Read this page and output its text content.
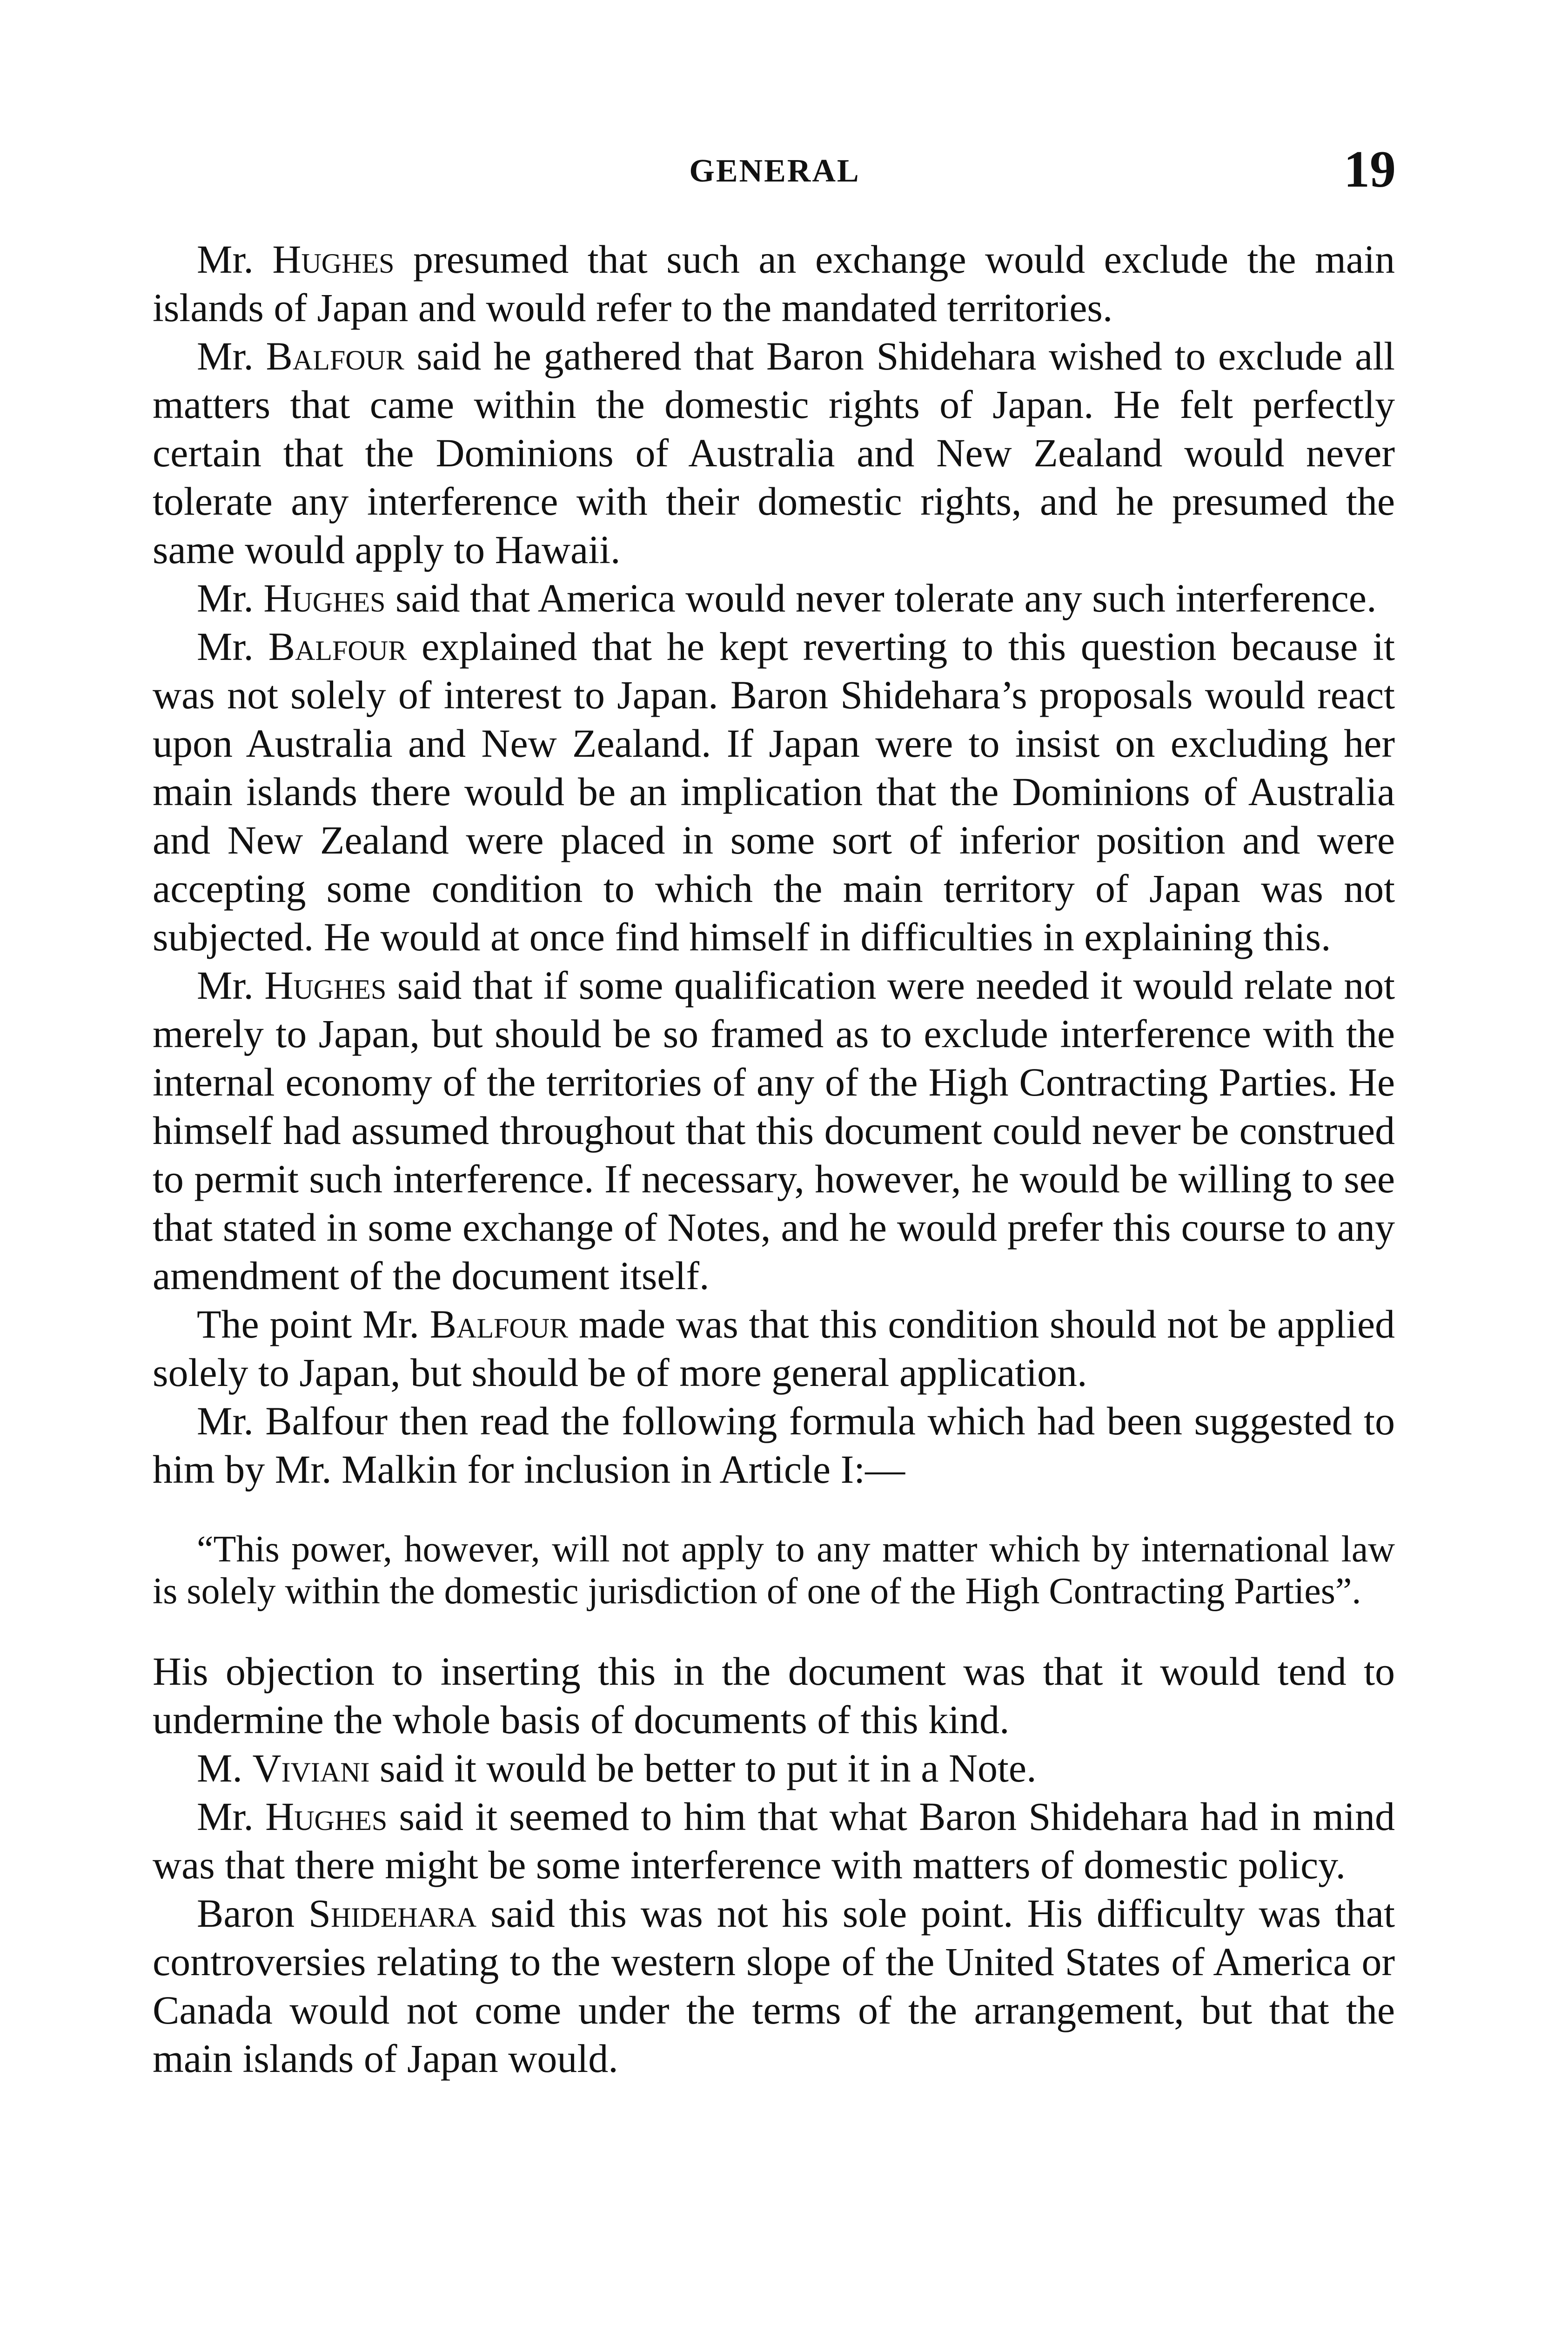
GENERAL	19

Mr. Hughes presumed that such an exchange would exclude the main islands of Japan and would refer to the mandated territories.

Mr. Balfour said he gathered that Baron Shidehara wished to exclude all matters that came within the domestic rights of Japan. He felt perfectly certain that the Dominions of Australia and New Zealand would never tolerate any interference with their domestic rights, and he presumed the same would apply to Hawaii.

Mr. Hughes said that America would never tolerate any such interference.

Mr. Balfour explained that he kept reverting to this question because it was not solely of interest to Japan. Baron Shidehara’s proposals would react upon Australia and New Zealand. If Japan were to insist on excluding her main islands there would be an implication that the Dominions of Australia and New Zealand were placed in some sort of inferior position and were accepting some condition to which the main territory of Japan was not subjected. He would at once find himself in difficulties in explaining this.

Mr. Hughes said that if some qualification were needed it would relate not merely to Japan, but should be so framed as to exclude interference with the internal economy of the territories of any of the High Contracting Parties. He himself had assumed throughout that this document could never be construed to permit such interference. If necessary, however, he would be willing to see that stated in some exchange of Notes, and he would prefer this course to any amendment of the document itself.

The point Mr. Balfour made was that this condition should not be applied solely to Japan, but should be of more general application.

Mr. Balfour then read the following formula which had been suggested to him by Mr. Malkin for inclusion in Article I:—

“This power, however, will not apply to any matter which by international law is solely within the domestic jurisdiction of one of the High Contracting Parties”.

His objection to inserting this in the document was that it would tend to undermine the whole basis of documents of this kind.

M. Viviani said it would be better to put it in a Note.

Mr. Hughes said it seemed to him that what Baron Shidehara had in mind was that there might be some interference with matters of domestic policy.

Baron Shidehara said this was not his sole point. His difficulty was that controversies relating to the western slope of the United States of America or Canada would not come under the terms of the arrangement, but that the main islands of Japan would.
